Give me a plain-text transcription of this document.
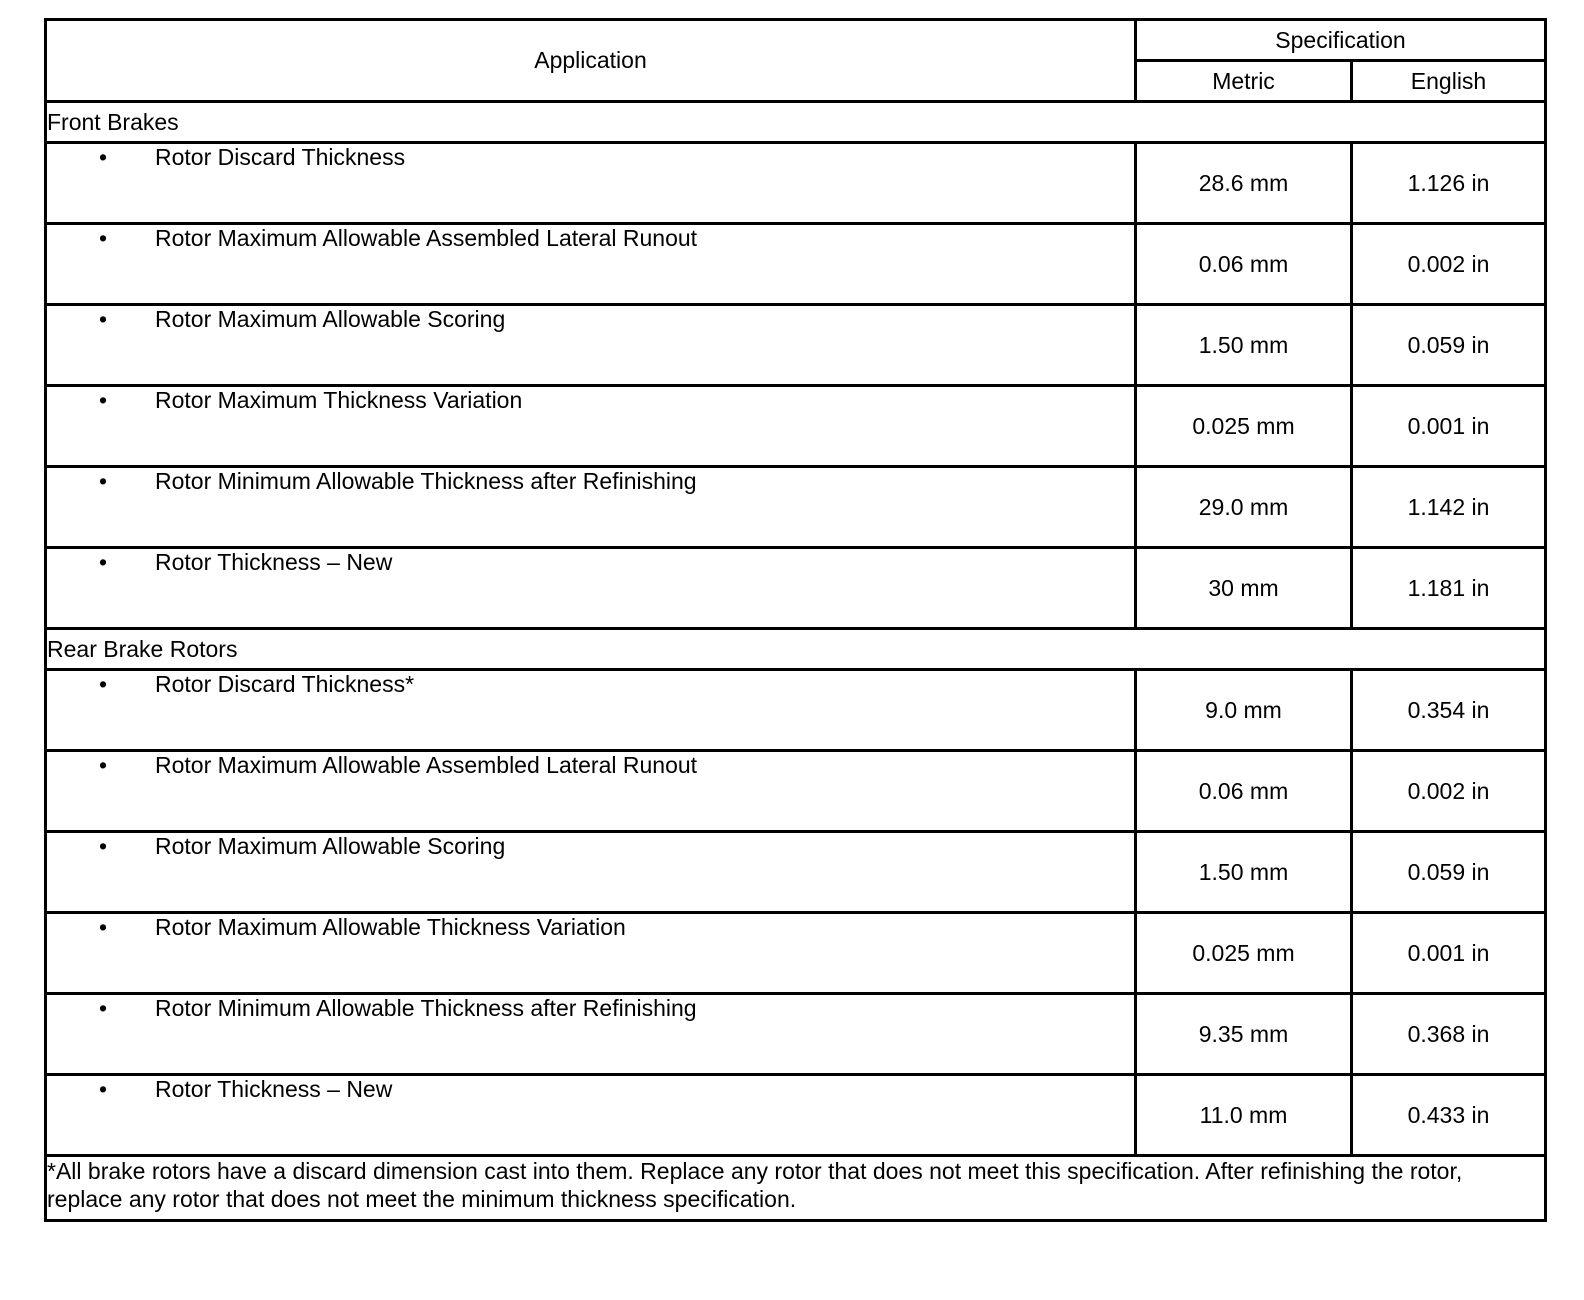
Application	Specification	
	Metric	English
Front Brakes		
• Rotor Discard Thickness	28.6 mm	1.126 in
• Rotor Maximum Allowable Assembled Lateral Runout	0.06 mm	0.002 in
• Rotor Maximum Allowable Scoring	1.50 mm	0.059 in
• Rotor Maximum Thickness Variation	0.025 mm	0.001 in
• Rotor Minimum Allowable Thickness after Refinishing	29.0 mm	1.142 in
• Rotor Thickness – New	30 mm	1.181 in
Rear Brake Rotors		
• Rotor Discard Thickness*	9.0 mm	0.354 in
• Rotor Maximum Allowable Assembled Lateral Runout	0.06 mm	0.002 in
• Rotor Maximum Allowable Scoring	1.50 mm	0.059 in
• Rotor Maximum Allowable Thickness Variation	0.025 mm	0.001 in
• Rotor Minimum Allowable Thickness after Refinishing	9.35 mm	0.368 in
• Rotor Thickness – New	11.0 mm	0.433 in
*All brake rotors have a discard dimension cast into them. Replace any rotor that does not meet this specification. After refinishing the rotor, replace any rotor that does not meet the minimum thickness specification.		
